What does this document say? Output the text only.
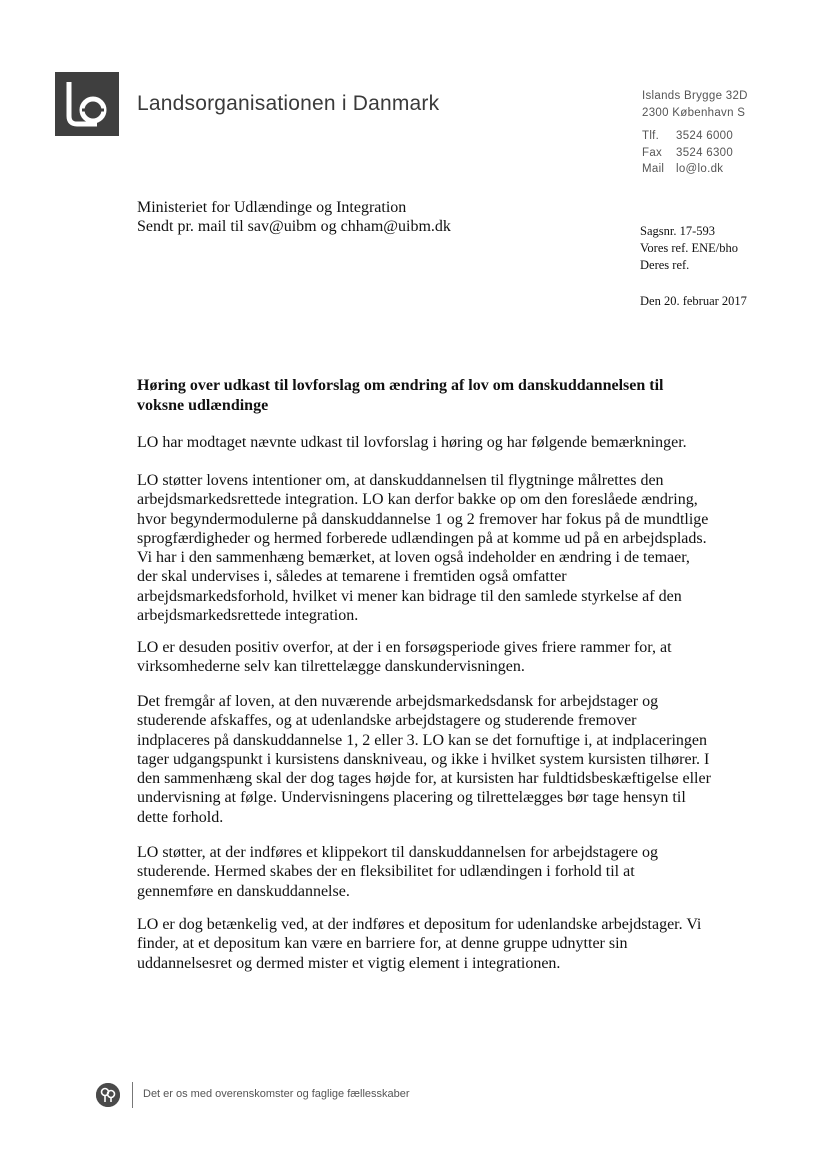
Landsorganisationen i Danmark	Islands Brygge 32D
2300 København S
Tlf. 3524 6000
Fax 3524 6300
Mail lo@lo.dk
Ministeriet for Udlændinge og Integration
Sendt pr. mail til sav@uibm og chham@uibm.dk	Sagsnr. 17-593
Vores ref. ENE/bho
Deres ref.
Den 20. februar 2017
Høring over udkast til lovforslag om ændring af lov om danskuddannelsen til voksne udlændinge

LO har modtaget nævnte udkast til lovforslag i høring og har følgende bemærkninger.

LO støtter lovens intentioner om, at danskuddannelsen til flygtninge målrettes den arbejdsmarkedsrettede integration. LO kan derfor bakke op om den foreslåede ændring, hvor begyndermodulerne på danskuddannelse 1 og 2 fremover har fokus på de mundtlige sprogfærdigheder og hermed forberede udlændingen på at komme ud på en arbejdsplads. Vi har i den sammenhæng bemærket, at loven også indeholder en ændring i de temaer, der skal undervises i, således at temarene i fremtiden også omfatter arbejdsmarkedsforhold, hvilket vi mener kan bidrage til den samlede styrkelse af den arbejdsmarkedsrettede integration.

LO er desuden positiv overfor, at der i en forsøgsperiode gives friere rammer for, at virksomhederne selv kan tilrettelægge danskundervisningen.

Det fremgår af loven, at den nuværende arbejdsmarkedsdansk for arbejdstager og studerende afskaffes, og at udenlandske arbejdstagere og studerende fremover indplaceres på danskuddannelse 1, 2 eller 3. LO kan se det fornuftige i, at indplaceringen tager udgangspunkt i kursistens danskniveau, og ikke i hvilket system kursisten tilhører. I den sammenhæng skal der dog tages højde for, at kursisten har fuldtidsbeskæftigelse eller undervisning at følge. Undervisningens placering og tilrettelægges bør tage hensyn til dette forhold.

LO støtter, at der indføres et klippekort til danskuddannelsen for arbejdstagere og studerende. Hermed skabes der en fleksibilitet for udlændingen i forhold til at gennemføre en danskuddannelse.

LO er dog betænkelig ved, at der indføres et depositum for udenlandske arbejdstager. Vi finder, at et depositum kan være en barriere for, at denne gruppe udnytter sin uddannelsesret og dermed mister et vigtig element i integrationen.

Det er os med overenskomster og faglige fællesskaber
